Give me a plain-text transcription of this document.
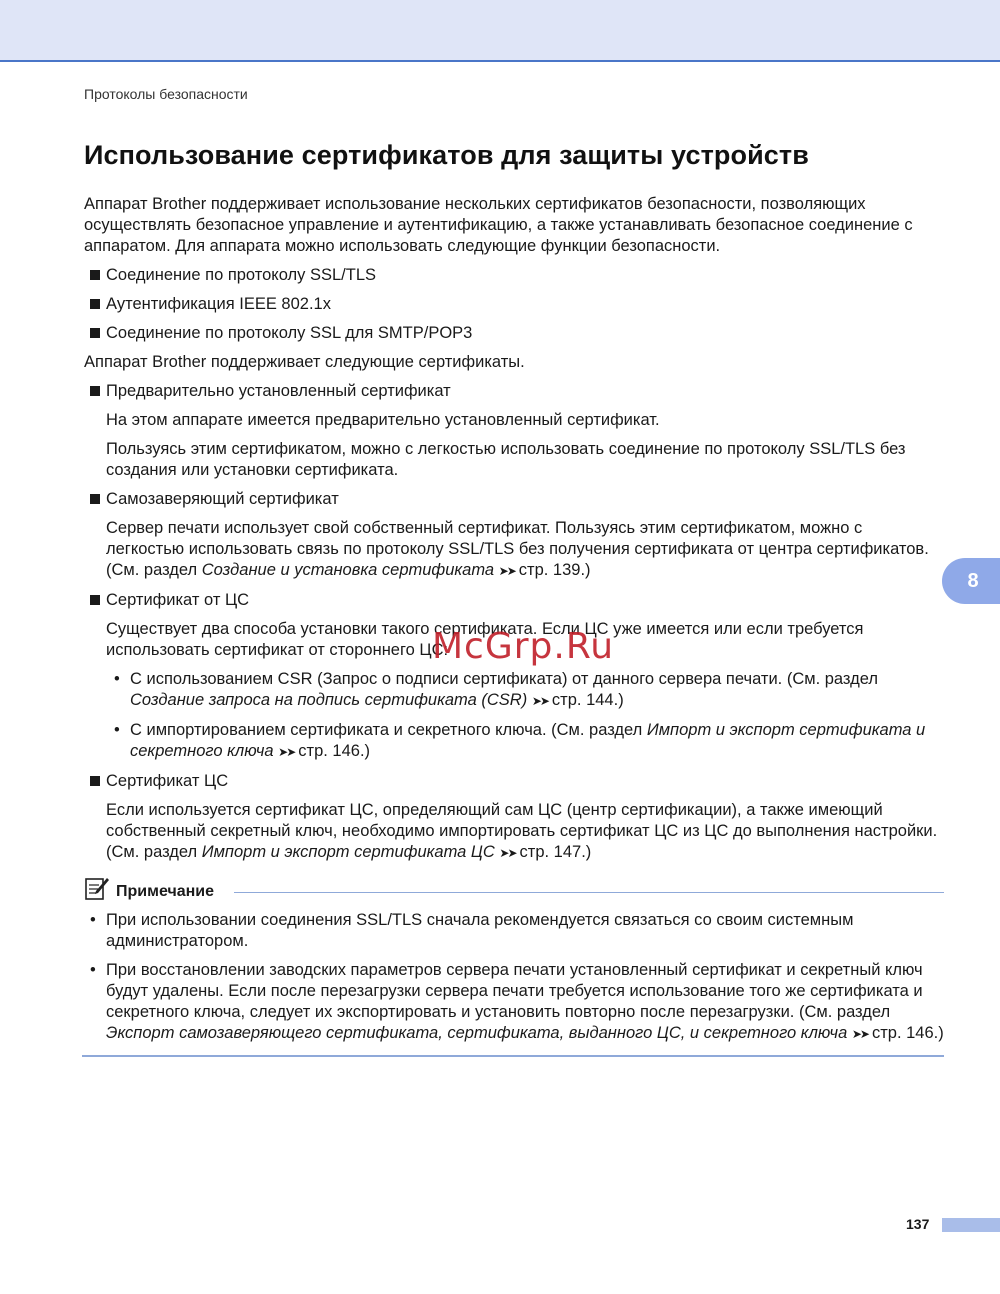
Протоколы безопасности
Использование сертификатов для защиты устройств

Аппарат Brother поддерживает использование нескольких сертификатов безопасности, позволяющих осуществлять безопасное управление и аутентификацию, а также устанавливать безопасное соединение с аппаратом. Для аппарата можно использовать следующие функции безопасности.

Соединение по протоколу SSL/TLS
Аутентификация IEEE 802.1x
Соединение по протоколу SSL для SMTP/POP3

Аппарат Brother поддерживает следующие сертификаты.

Предварительно установленный сертификат

На этом аппарате имеется предварительно установленный сертификат.

Пользуясь этим сертификатом, можно с легкостью использовать соединение по протоколу SSL/TLS без создания или установки сертификата.

Самозаверяющий сертификат

Сервер печати использует свой собственный сертификат. Пользуясь этим сертификатом, можно с легкостью использовать связь по протоколу SSL/TLS без получения сертификата от центра сертификатов. (См. раздел Создание и установка сертификата ➤➤ стр. 139.)

Сертификат от ЦС

Существует два способа установки такого сертификата. Если ЦС уже имеется или если требуется использовать сертификат от стороннего ЦС:

• С использованием CSR (Запрос о подписи сертификата) от данного сервера печати. (См. раздел Создание запроса на подпись сертификата (CSR) ➤➤ стр. 144.)
• С импортированием сертификата и секретного ключа. (См. раздел Импорт и экспорт сертификата и секретного ключа ➤➤ стр. 146.)
Сертификат ЦС

Если используется сертификат ЦС, определяющий сам ЦС (центр сертификации), а также имеющий собственный секретный ключ, необходимо импортировать сертификат ЦС из ЦС до выполнения настройки. (См. раздел Импорт и экспорт сертификата ЦС ➤➤ стр. 147.)

Примечание
• При использовании соединения SSL/TLS сначала рекомендуется связаться со своим системным администратором.
• При восстановлении заводских параметров сервера печати установленный сертификат и секретный ключ будут удалены. Если после перезагрузки сервера печати требуется использование того же сертификата и секретного ключа, следует их экспортировать и установить повторно после перезагрузки. (См. раздел Экспорт самозаверяющего сертификата, сертификата, выданного ЦС, и секретного ключа ➤➤ стр. 146.)
McGrp.Ru
8
137
